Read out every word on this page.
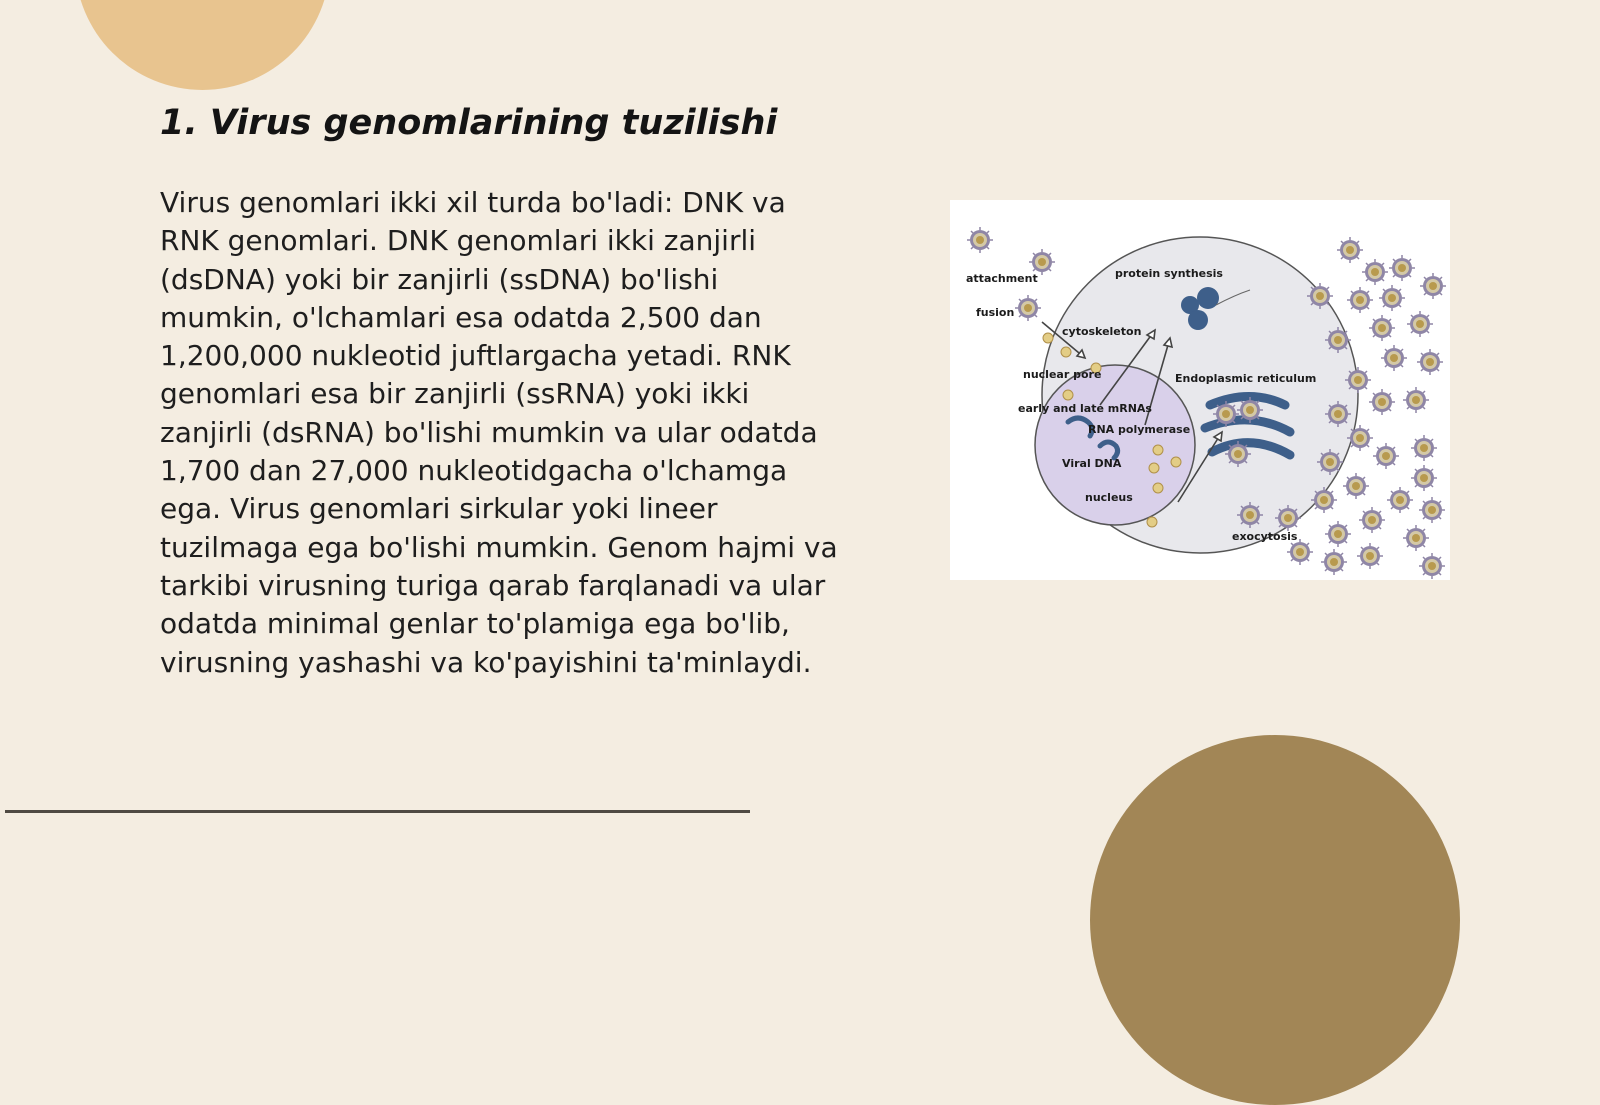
1. Virus genomlarining tuzilishi

Virus genomlari ikki xil turda bo'ladi: DNK va RNK genomlari. DNK genomlari ikki zanjirli (dsDNA) yoki bir zanjirli (ssDNA) bo'lishi mumkin, o'lchamlari esa odatda 2,500 dan 1,200,000 nukleotid juftlargacha yetadi. RNK genomlari esa bir zanjirli (ssRNA) yoki ikki zanjirli (dsRNA) bo'lishi mumkin va ular odatda 1,700 dan 27,000 nukleotidgacha o'lchamga ega. Virus genomlari sirkular yoki lineer tuzilmaga ega bo'lishi mumkin. Genom hajmi va tarkibi virusning turiga qarab farqlanadi va ular odatda minimal genlar to'plamiga ega bo'lib, virusning yashashi va ko'payishini ta'minlaydi.

attachment
fusion
protein synthesis
cytoskeleton
nuclear pore	Endoplasmic reticulum
early and late mRNAs
RNA polymerase
Viral DNA
nucleus
exocytosis
